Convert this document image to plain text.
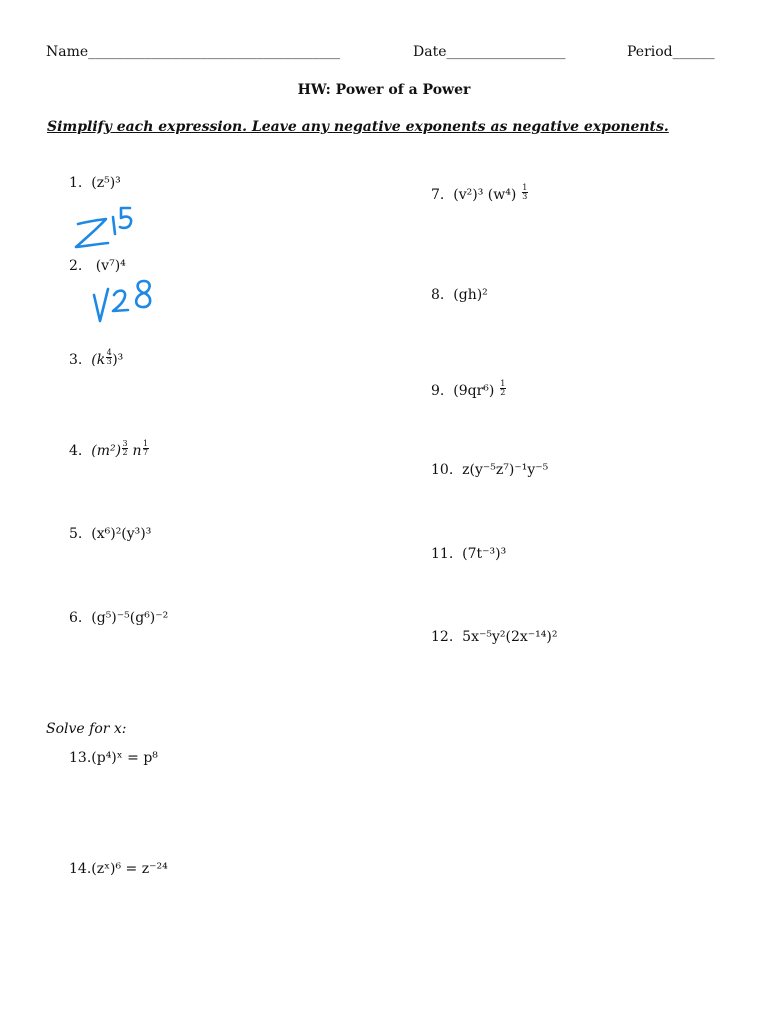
Name____________________________________	Date_________________	Period______
HW: Power of a Power
Simplify each expression. Leave any negative exponents as negative exponents.
1. (z⁵)³
2. (v⁷)⁴
3. $(k \frac{4}{3} )^3$
4. $(m^2) \frac{3}{2}$ n $\frac{1}{7}$
5. (x⁶)²(y³)³
6. (g⁵)⁻⁵(g⁶)⁻²
7. (v²)³ $(w^4) \frac{1}{3}$
8. (gh)²
9. $(9qr^6) \frac{1}{2}$
10. z(y⁻⁵z⁷)⁻¹y⁻⁵
11. (7t⁻³)³
12. 5x⁻⁵y²(2x⁻¹⁴)²
Solve for x:
13.(p⁴)ˣ = p⁸
14.(zˣ)⁶ = z⁻²⁴
